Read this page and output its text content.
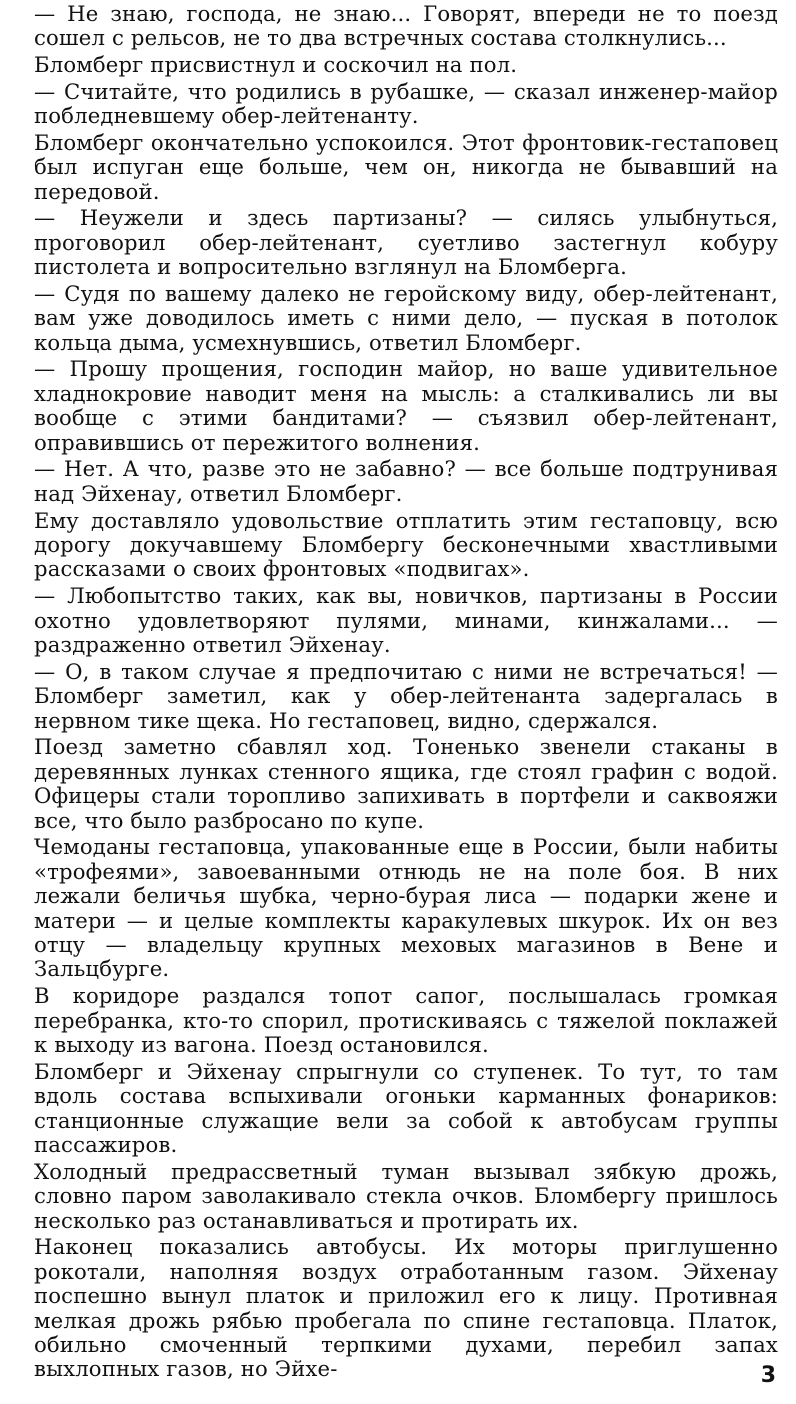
— Не знаю, господа, не знаю... Говорят, впереди не то поезд сошел с рельсов, не то два встречных состава столкнулись...

Бломберг присвистнул и соскочил на пол.

— Считайте, что родились в рубашке, — сказал инженер-майор побледневшему обер-лейтенанту.

Бломберг окончательно успокоился. Этот фронтовик-гестаповец был испуган еще больше, чем он, никогда не бывавший на передовой.

— Неужели и здесь партизаны? — силясь улыбнуться, проговорил обер-лейтенант, суетливо застегнул кобуру пистолета и вопросительно взглянул на Бломберга.

— Судя по вашему далеко не геройскому виду, обер-лейтенант, вам уже доводилось иметь с ними дело, — пуская в потолок кольца дыма, усмехнувшись, ответил Бломберг.

— Прошу прощения, господин майор, но ваше удивительное хладнокровие наводит меня на мысль: а сталкивались ли вы вообще с этими бандитами? — съязвил обер-лейтенант, оправившись от пережитого волнения.

— Нет. А что, разве это не забавно? — все больше подтрунивая над Эйхенау, ответил Бломберг.

Ему доставляло удовольствие отплатить этим гестаповцу, всю дорогу докучавшему Бломбергу бесконечными хвастливыми рассказами о своих фронтовых «подвигах».

— Любопытство таких, как вы, новичков, партизаны в России охотно удовлетворяют пулями, минами, кинжалами... — раздраженно ответил Эйхенау.

— О, в таком случае я предпочитаю с ними не встречаться! — Бломберг заметил, как у обер-лейтенанта задергалась в нервном тике щека. Но гестаповец, видно, сдержался.

Поезд заметно сбавлял ход. Тоненько звенели стаканы в деревянных лунках стенного ящика, где стоял графин с водой. Офицеры стали торопливо запихивать в портфели и саквояжи все, что было разбросано по купе.

Чемоданы гестаповца, упакованные еще в России, были набиты «трофеями», завоеванными отнюдь не на поле боя. В них лежали беличья шубка, черно-бурая лиса — подарки жене и матери — и целые комплекты каракулевых шкурок. Их он вез отцу — владельцу крупных меховых магазинов в Вене и Зальцбурге.

В коридоре раздался топот сапог, послышалась громкая перебранка, кто-то спорил, протискиваясь с тяжелой поклажей к выходу из вагона. Поезд остановился.

Бломберг и Эйхенау спрыгнули со ступенек. То тут, то там вдоль состава вспыхивали огоньки карманных фонариков: станционные служащие вели за собой к автобусам группы пассажиров.

Холодный предрассветный туман вызывал зябкую дрожь, словно паром заволакивало стекла очков. Бломбергу пришлось несколько раз останавливаться и протирать их.

Наконец показались автобусы. Их моторы приглушенно рокотали, наполняя воздух отработанным газом. Эйхенау поспешно вынул платок и приложил его к лицу. Противная мелкая дрожь рябью пробегала по спине гестаповца. Платок, обильно смоченный терпкими духами, перебил запах выхлопных газов, но Эйхе-	3
